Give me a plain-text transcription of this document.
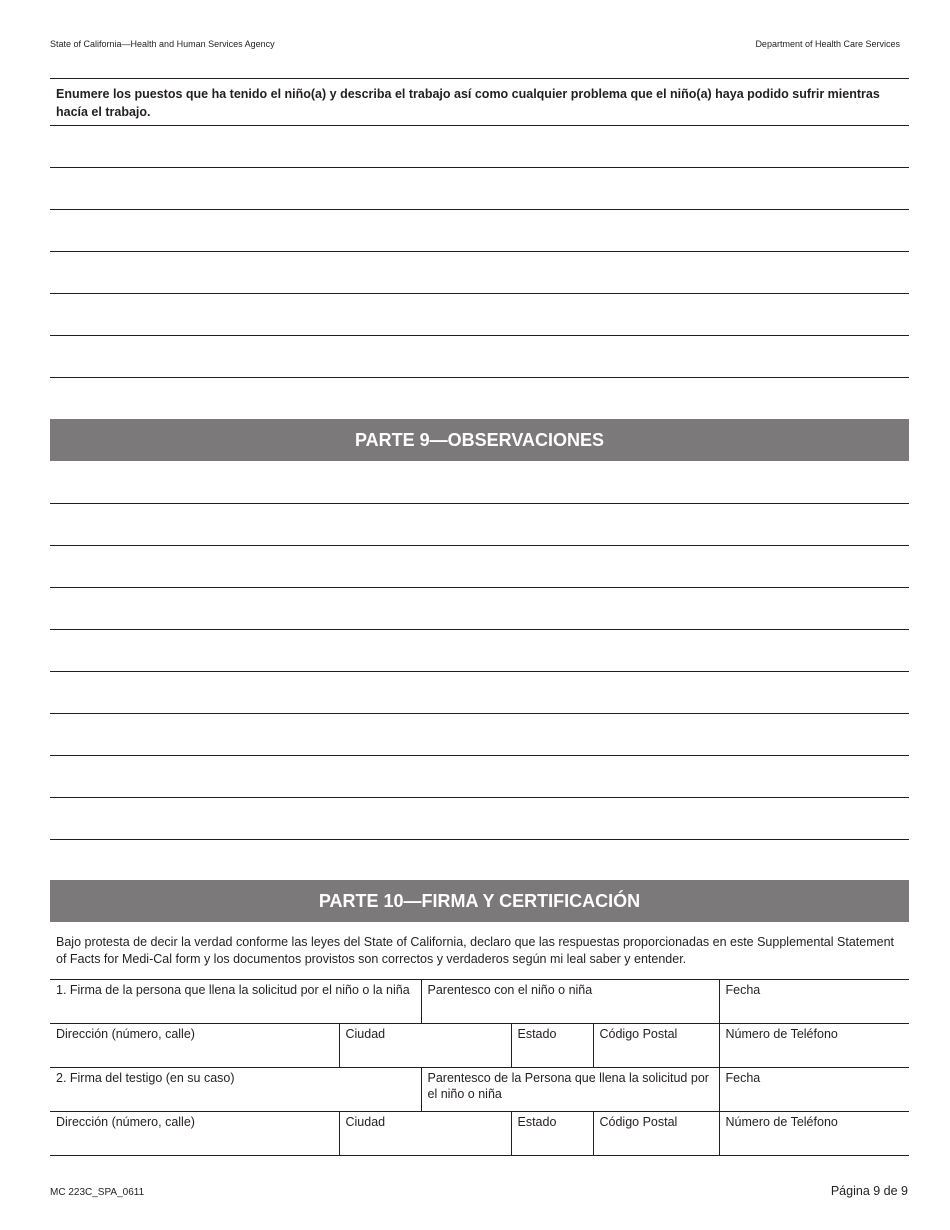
State of California—Health and Human Services Agency	Department of Health Care Services
Enumere los puestos que ha tenido el niño(a) y describa el trabajo así como cualquier problema que el niño(a) haya podido sufrir mientras hacía el trabajo.
PARTE 9—OBSERVACIONES
PARTE 10—FIRMA Y CERTIFICACIÓN
Bajo protesta de decir la verdad conforme las leyes del State of California, declaro que las respuestas proporcionadas en este Supplemental Statement of Facts for Medi-Cal form y los documentos provistos son correctos y verdaderos según mi leal saber y entender.
1. Firma de la persona que llena la solicitud por el niño o la niña		Parentesco con el niño o niña			Fecha
Dirección (número, calle)	Ciudad		Estado	Código Postal	Número de Teléfono
2. Firma del testigo (en su caso)		Parentesco de la Persona que llena la solicitud por el niño o niña			Fecha
Dirección (número, calle)	Ciudad		Estado	Código Postal	Número de Teléfono
MC 223C_SPA_0611	Página 9 de 9
